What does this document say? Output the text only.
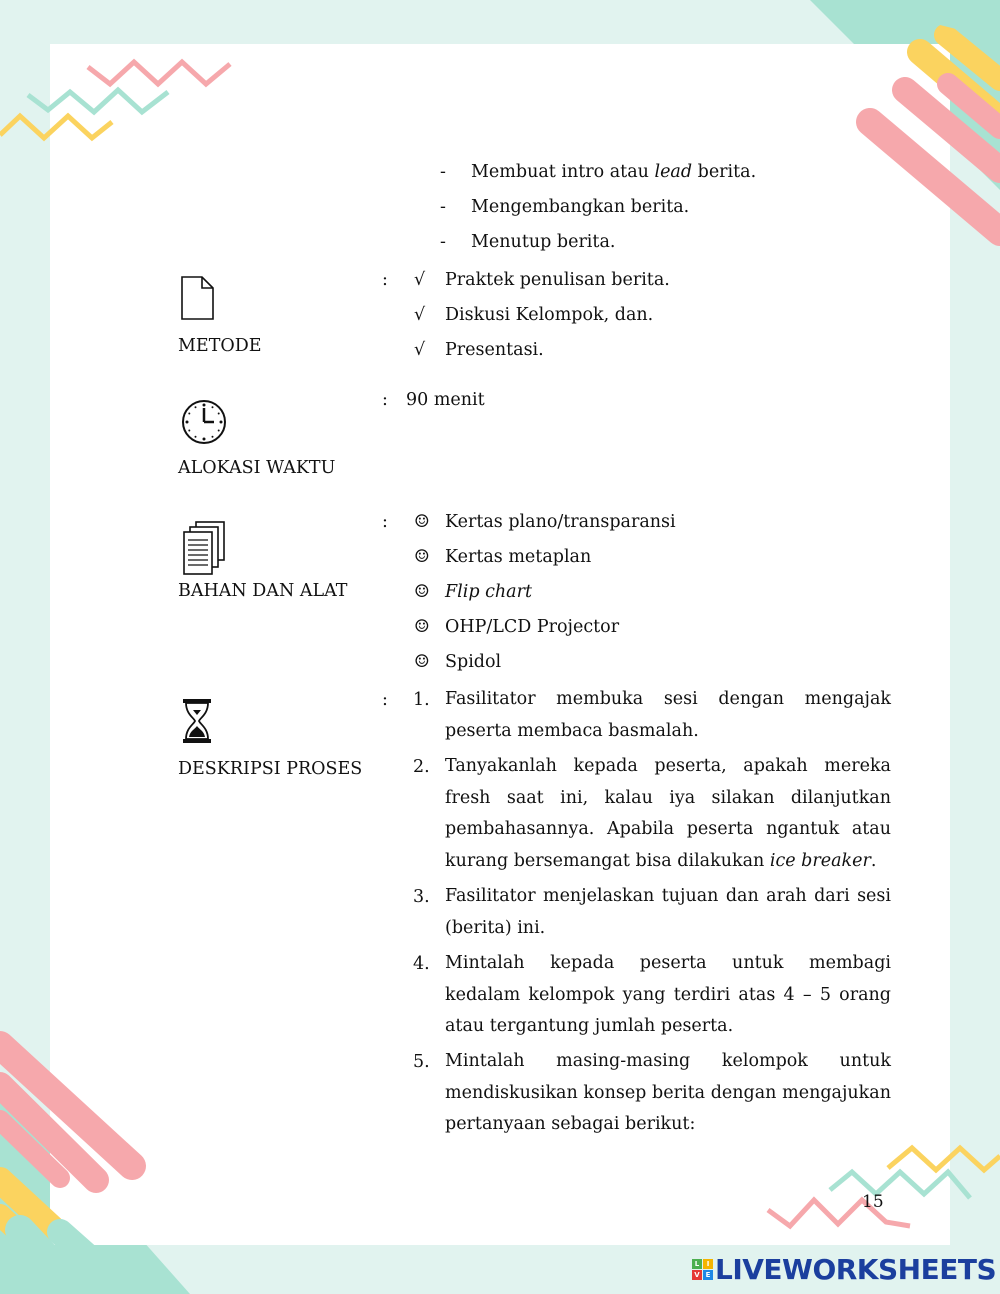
- Membuat intro atau lead berita.
- Mengembangkan berita.
- Menutup berita.
METODE
: √ Praktek penulisan berita.
√ Diskusi Kelompok, dan.
√ Presentasi.
ALOKASI WAKTU
: 90 menit
BAHAN DAN ALAT
: ☺ Kertas plano/transparansi
☺ Kertas metaplan
☺ Flip chart
☺ OHP/LCD Projector
☺ Spidol
DESKRIPSI PROSES
: 1. Fasilitator membuka sesi dengan mengajak peserta membaca basmalah.
2. Tanyakanlah kepada peserta, apakah mereka fresh saat ini, kalau iya silakan dilanjutkan pembahasannya. Apabila peserta ngantuk atau kurang bersemangat bisa dilakukan ice breaker.
3. Fasilitator menjelaskan tujuan dan arah dari sesi (berita) ini.
4. Mintalah kepada peserta untuk membagi kedalam kelompok yang terdiri atas 4 – 5 orang atau tergantung jumlah peserta.
5. Mintalah masing-masing kelompok untuk mendiskusikan konsep berita dengan mengajukan pertanyaan sebagai berikut:
15
L	I
V E LIVEWORKSHEETS
